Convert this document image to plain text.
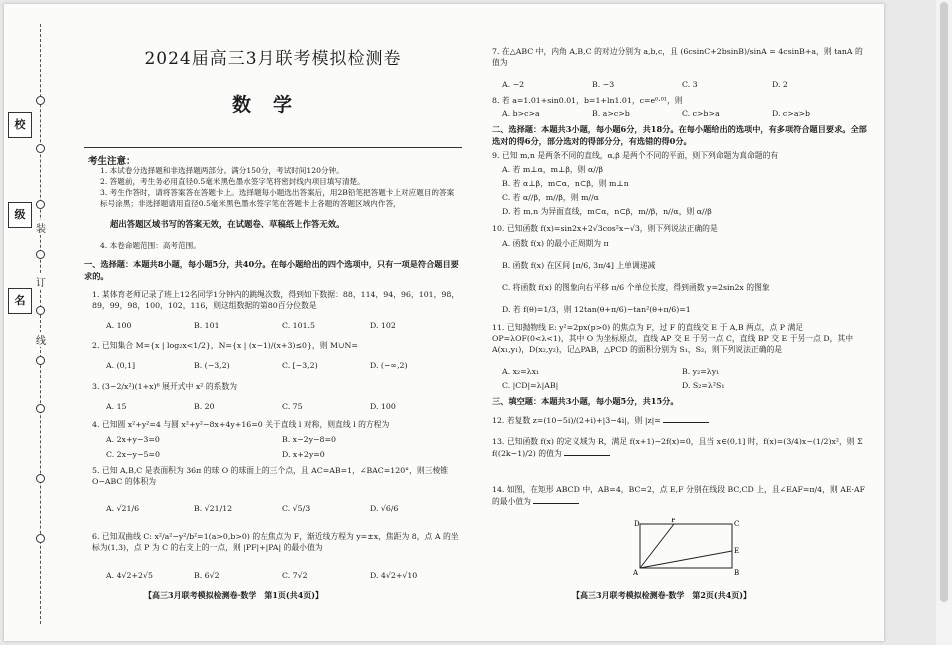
校
级
名
装
订
线
2024届高三3月联考模拟检测卷
数学
考生注意：
1. 本试卷分选择题和非选择题两部分。满分150分，考试时间120分钟。
2. 答题前，考生务必用直径0.5毫米黑色墨水签字笔将密封线内项目填写清楚。
3. 考生作答时，请将答案答在答题卡上。选择题每小题选出答案后，用2B铅笔把答题卡上对应题目的答案标号涂黑；非选择题请用直径0.5毫米黑色墨水签字笔在答题卡上各题的答题区域内作答，
超出答题区域书写的答案无效，在试题卷、草稿纸上作答无效。
4. 本卷命题范围：高考范围。
一、选择题：本题共8小题，每小题5分，共40分。在每小题给出的四个选项中，只有一项是符合题目要求的。
1. 某体育老师记录了班上12名同学1分钟内的跳绳次数，得到如下数据：88，114，94，96，101，98，89，99，98，100，102，116，则这组数据的第80百分位数是
A. 100	B. 101	C. 101.5	D. 102
2. 已知集合 M={x | log₂x<1/2}，N={x | (x−1)/(x+3)≤0}，则 M∪N=
A. (0,1]	B. (−3,2)	C. [−3,2)	D. (−∞,2)
3. (3−2/x²)(1+x)⁶ 展开式中 x² 的系数为
A. 15	B. 20	C. 75	D. 100
4. 已知圆 x²+y²=4 与圆 x²+y²−8x+4y+16=0 关于直线 l 对称，则直线 l 的方程为
A. 2x+y−3=0	B. x−2y−8=0
C. 2x−y−5=0	D. x+2y=0
5. 已知 A,B,C 是表面积为 36π 的球 O 的球面上的三个点，且 AC=AB=1，∠BAC=120°，则三棱锥 O−ABC 的体积为
A. √21/6	B. √21/12	C. √5/3	D. √6/6
6. 已知双曲线 C: x²/a²−y²/b²=1(a>0,b>0) 的左焦点为 F，渐近线方程为 y=±x，焦距为 8，点 A 的坐标为(1,3)，点 P 为 C 的右支上的一点，则 |PF|+|PA| 的最小值为
A. 4√2+2√5	B. 6√2	C. 7√2	D. 4√2+√10
【高三3月联考模拟检测卷·数学　第1页(共4页)】
7. 在△ABC 中，内角 A,B,C 的对边分别为 a,b,c，且 (6csinC+2bsinB)/sinA = 4csinB+a，则 tanA 的值为
A. −2	B. −3	C. 3	D. 2
8. 若 a=1.01+sin0.01，b=1+ln1.01，c=e⁰·⁰¹，则
A. b>c>a	B. a>c>b	C. c>b>a	D. c>a>b
二、选择题：本题共3小题，每小题6分，共18分。在每小题给出的选项中，有多项符合题目要求。全部选对的得6分，部分选对的得部分分，有选错的得0分。
9. 已知 m,n 是两条不同的直线，α,β 是两个不同的平面，则下列命题为真命题的有
A. 若 m⊥α，m⊥β，则 α//β
B. 若 α⊥β，m⊂α，n⊂β，则 m⊥n
C. 若 α//β，m//β，则 m//α
D. 若 m,n 为异面直线，m⊂α，n⊂β，m//β，n//α，则 α//β
10. 已知函数 f(x)=sin2x+2√3cos²x−√3，则下列说法正确的是
A. 函数 f(x) 的最小正周期为 π
B. 函数 f(x) 在区间 [π/6, 3π/4] 上单调递减
C. 将函数 f(x) 的图象向右平移 π/6 个单位长度，得到函数 y=2sin2x 的图象
D. 若 f(θ)=1/3，则 12tan(θ+π/6)−tan²(θ+π/6)=1
11. 已知抛物线 E: y²=2px(p>0) 的焦点为 F，过 F 的直线交 E 于 A,B 两点，点 P 满足 OP=λOF(0<λ<1)，其中 O 为坐标原点，直线 AP 交 E 于另一点 C，直线 BP 交 E 于另一点 D，其中 A(x₁,y₁)，D(x₂,y₂)，记△PAB，△PCD 的面积分别为 S₁，S₂，则下列说法正确的是
A. x₂=λx₁	B. y₂=λy₁
C. |CD|=λ|AB|	D. S₂=λ²S₁
三、填空题：本题共3小题，每小题5分，共15分。
12. 若复数 z=(10−5i)/(2+i)+|3−4i|，则 |z|=
13. 已知函数 f(x) 的定义域为 R，满足 f(x+1)−2f(x)=0，且当 x∈(0,1] 时，f(x)=(3/4)x−(1/2)x²，则 Σ f((2k−1)/2) 的值为
14. 如图，在矩形 ABCD 中，AB=4，BC=2，点 E,F 分别在线段 BC,CD 上，且∠EAF=π/4，则 AE·AF 的最小值为
D	F	C
E
A	B
【高三3月联考模拟检测卷·数学　第2页(共4页)】
